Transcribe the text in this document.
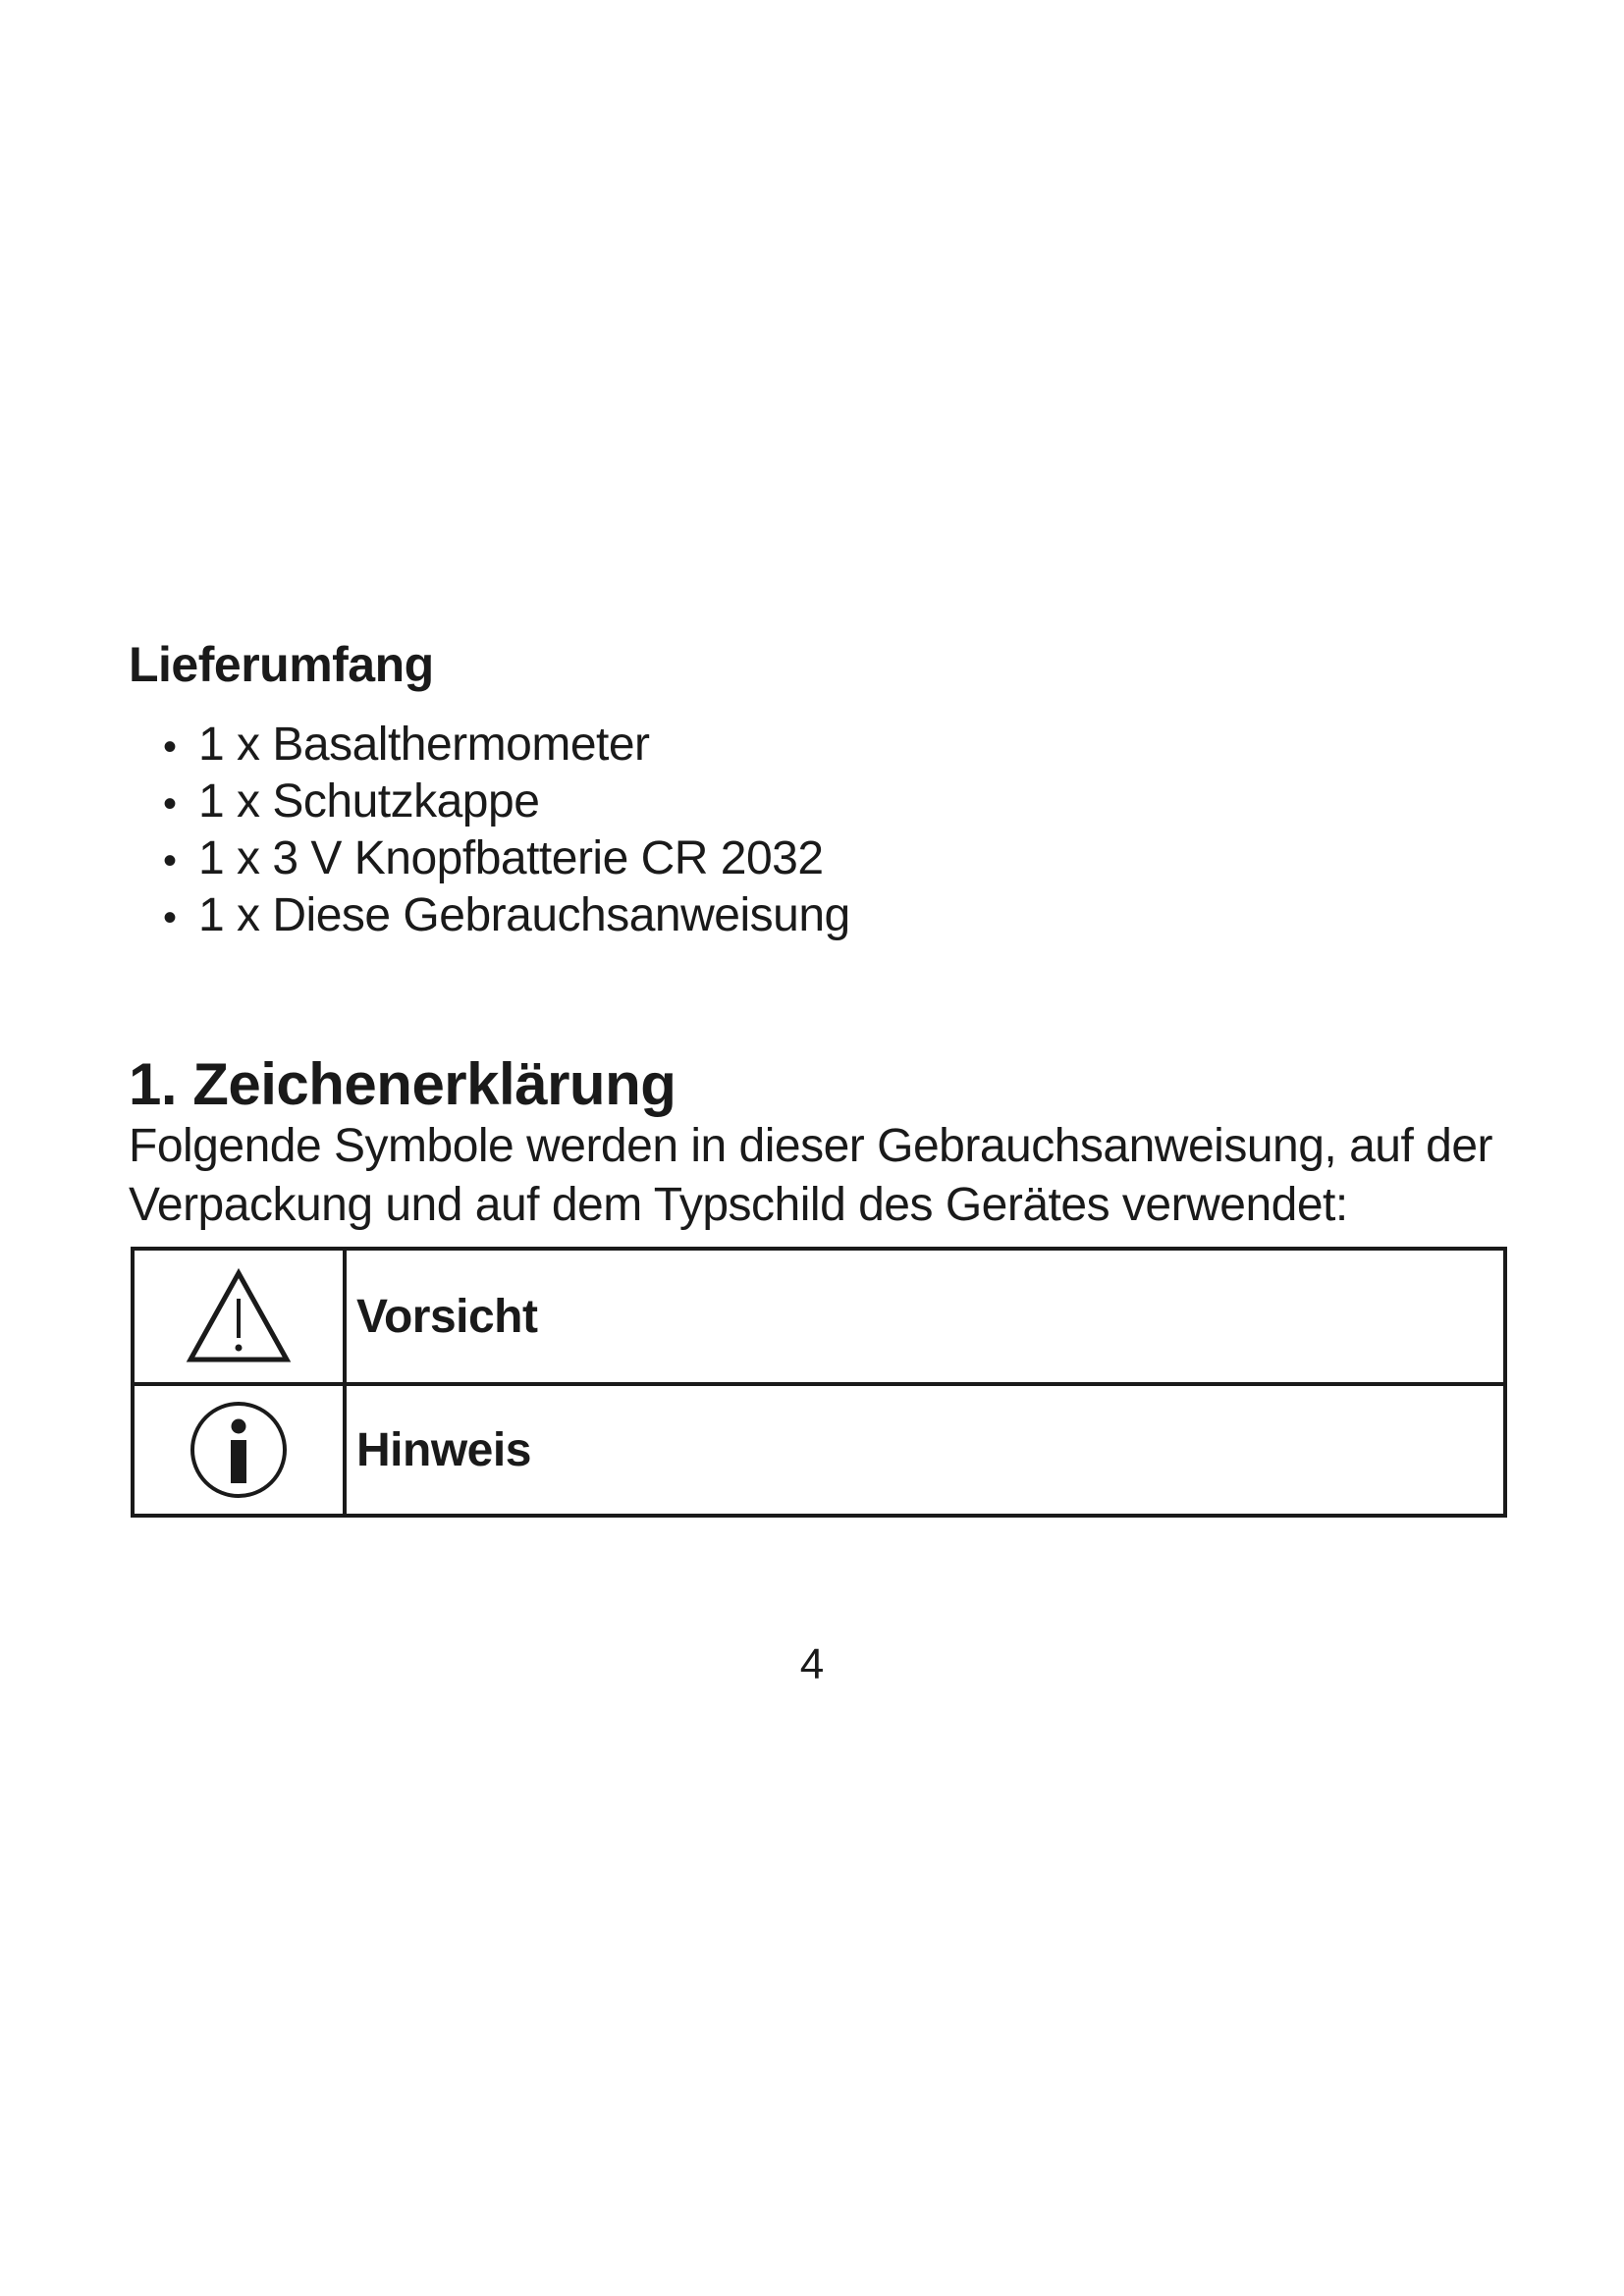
Lieferumfang
• 1 x Basalthermometer
• 1 x Schutzkappe
• 1 x 3 V Knopfbatterie CR 2032
• 1 x Diese Gebrauchsanweisung
1. Zeichenerklärung

Folgende Symbole werden in dieser Gebrauchsanweisung, auf der Verpackung und auf dem Typschild des Gerätes verwendet:

	Vorsicht

	Hinweis
4
